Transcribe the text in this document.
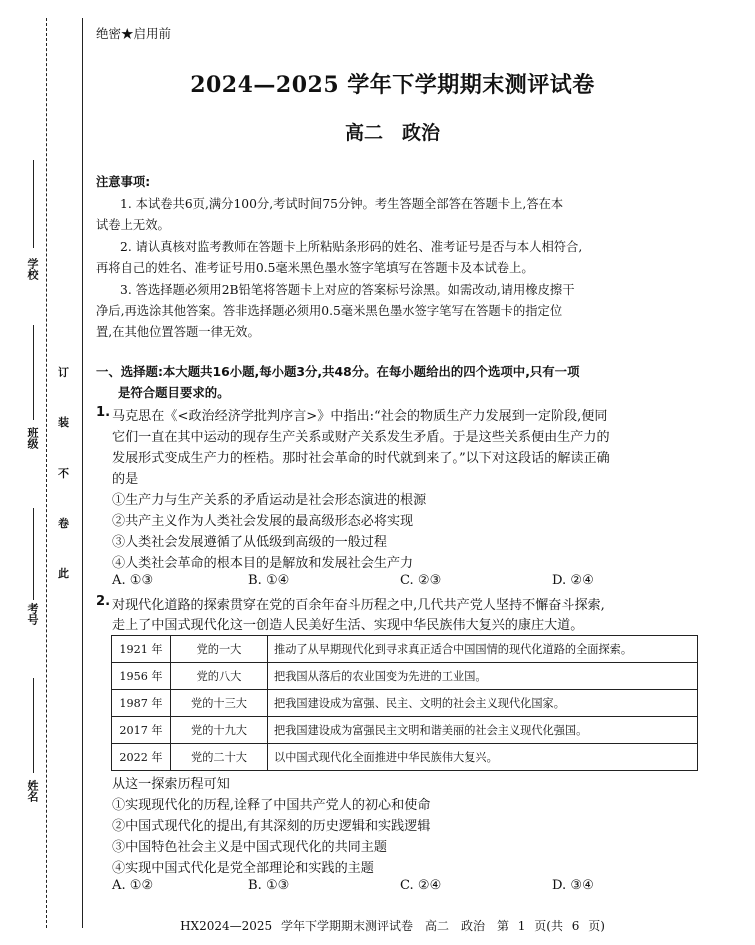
学校
班级
考号
姓名
订
装
不
卷
此
绝密★启用前
2024—2025 学年下学期期末测评试卷
高二　政治
注意事项:
1. 本试卷共6页,满分100分,考试时间75分钟。考生答题全部答在答题卡上,答在本
试卷上无效。
2. 请认真核对监考教师在答题卡上所粘贴条形码的姓名、准考证号是否与本人相符合,
再将自己的姓名、准考证号用0.5毫米黑色墨水签字笔填写在答题卡及本试卷上。
3. 答选择题必须用2B铅笔将答题卡上对应的答案标号涂黑。如需改动,请用橡皮擦干
净后,再选涂其他答案。答非选择题必须用0.5毫米黑色墨水签字笔写在答题卡的指定位
置,在其他位置答题一律无效。
一、选择题:本大题共16小题,每小题3分,共48分。在每小题给出的四个选项中,只有一项
是符合题目要求的。
1. 马克思在《<政治经济学批判序言>》中指出:“社会的物质生产力发展到一定阶段,便同
它们一直在其中运动的现存生产关系或财产关系发生矛盾。于是这些关系便由生产力的
发展形式变成生产力的桎梏。那时社会革命的时代就到来了。”以下对这段话的解读正确
的是
①生产力与生产关系的矛盾运动是社会形态演进的根源
②共产主义作为人类社会发展的最高级形态必将实现
③人类社会发展遵循了从低级到高级的一般过程
④人类社会革命的根本目的是解放和发展社会生产力
A. ①③	B. ①④	C. ②③	D. ②④
2. 对现代化道路的探索贯穿在党的百余年奋斗历程之中,几代共产党人坚持不懈奋斗探索,
走上了中国式现代化这一创造人民美好生活、实现中华民族伟大复兴的康庄大道。
1921 年	党的一大	推动了从早期现代化到寻求真正适合中国国情的现代化道路的全面探索。
1956 年	党的八大	把我国从落后的农业国变为先进的工业国。
1987 年	党的十三大	把我国建设成为富强、民主、文明的社会主义现代化国家。
2017 年	党的十九大	把我国建设成为富强民主文明和谐美丽的社会主义现代化强国。
2022 年	党的二十大	以中国式现代化全面推进中华民族伟大复兴。
从这一探索历程可知
①实现现代化的历程,诠释了中国共产党人的初心和使命
②中国式现代化的提出,有其深刻的历史逻辑和实践逻辑
③中国特色社会主义是中国式现代化的共同主题
④实现中国式代化是党全部理论和实践的主题
A. ①②	B. ①③	C. ②④	D. ③④
HX2024—2025 学年下学期期末测评试卷　高二　政治　第 1 页(共 6 页)
